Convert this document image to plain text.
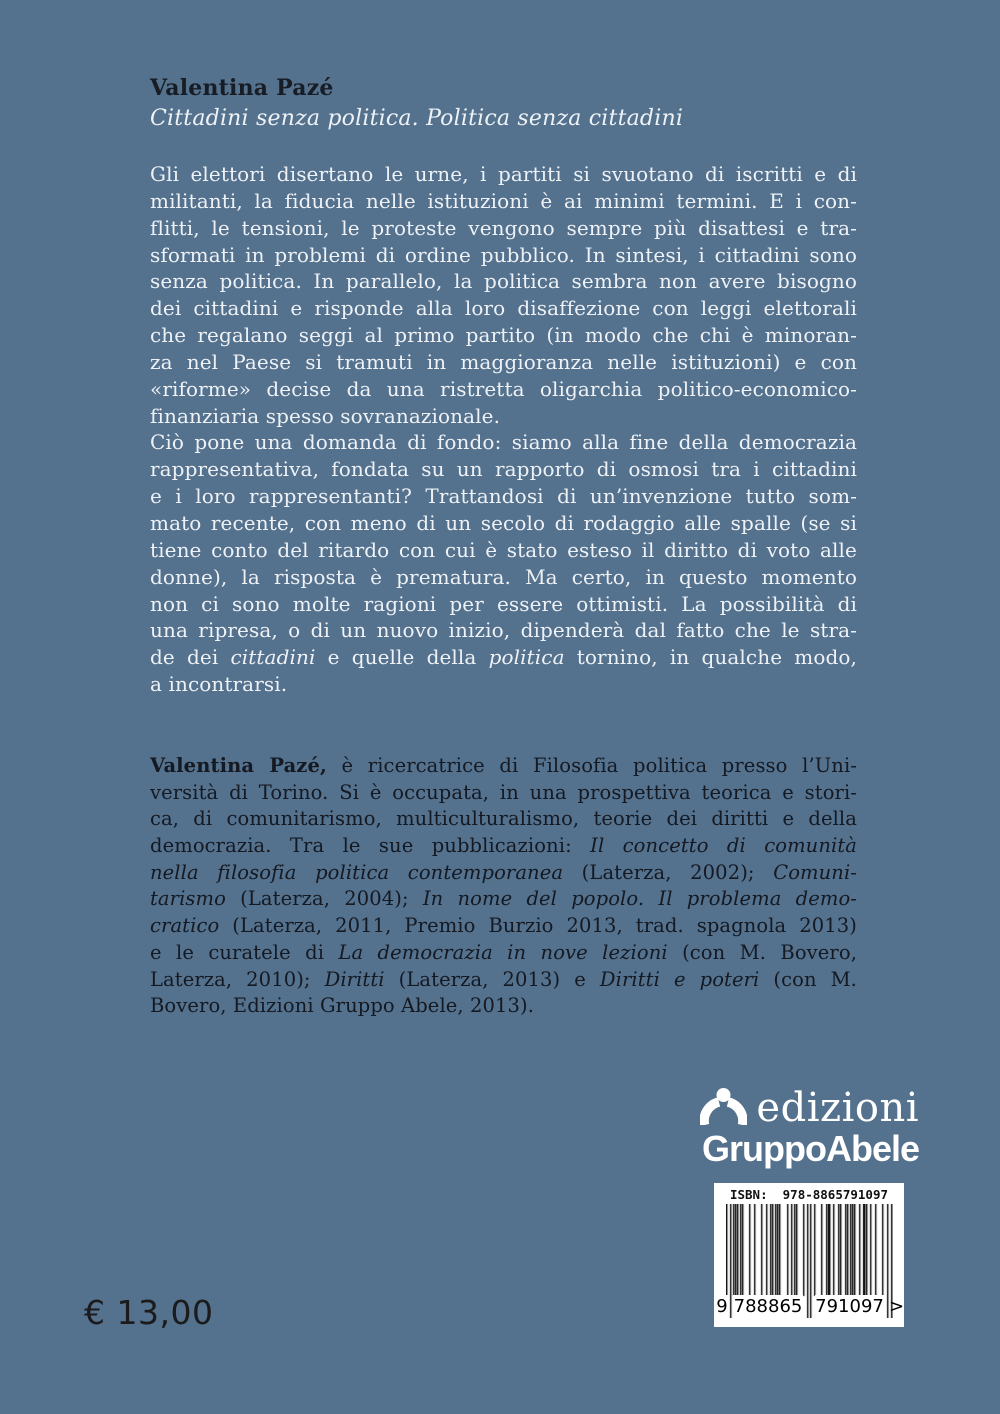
Valentina Pazé
Cittadini senza politica. Politica senza cittadini
Gli elettori disertano le urne, i partiti si svuotano di iscritti e di
militanti, la fiducia nelle istituzioni è ai minimi termini. E i con-
flitti, le tensioni, le proteste vengono sempre più disattesi e tra-
sformati in problemi di ordine pubblico. In sintesi, i cittadini sono
senza politica. In parallelo, la politica sembra non avere bisogno
dei cittadini e risponde alla loro disaffezione con leggi elettorali
che regalano seggi al primo partito (in modo che chi è minoran-
za nel Paese si tramuti in maggioranza nelle istituzioni) e con
«riforme» decise da una ristretta oligarchia politico-economico-
finanziaria spesso sovranazionale.
Ciò pone una domanda di fondo: siamo alla fine della democrazia
rappresentativa, fondata su un rapporto di osmosi tra i cittadini
e i loro rappresentanti? Trattandosi di un’invenzione tutto som-
mato recente, con meno di un secolo di rodaggio alle spalle (se si
tiene conto del ritardo con cui è stato esteso il diritto di voto alle
donne), la risposta è prematura. Ma certo, in questo momento
non ci sono molte ragioni per essere ottimisti. La possibilità di
una ripresa, o di un nuovo inizio, dipenderà dal fatto che le stra-
de dei cittadini e quelle della politica tornino, in qualche modo,
a incontrarsi.
Valentina Pazé, è ricercatrice di Filosofia politica presso l’Uni-
versità di Torino. Si è occupata, in una prospettiva teorica e stori-
ca, di comunitarismo, multiculturalismo, teorie dei diritti e della
democrazia. Tra le sue pubblicazioni: Il concetto di comunità
nella filosofia politica contemporanea (Laterza, 2002); Comuni-
tarismo (Laterza, 2004); In nome del popolo. Il problema demo-
cratico (Laterza, 2011, Premio Burzio 2013, trad. spagnola 2013)
e le curatele di La democrazia in nove lezioni (con M. Bovero,
Laterza, 2010); Diritti (Laterza, 2013) e Diritti e poteri (con M.
Bovero, Edizioni Gruppo Abele, 2013).
edizioni
GruppoAbele
ISBN:  978-8865791097
9 788865 791097 >
€ 13,00
